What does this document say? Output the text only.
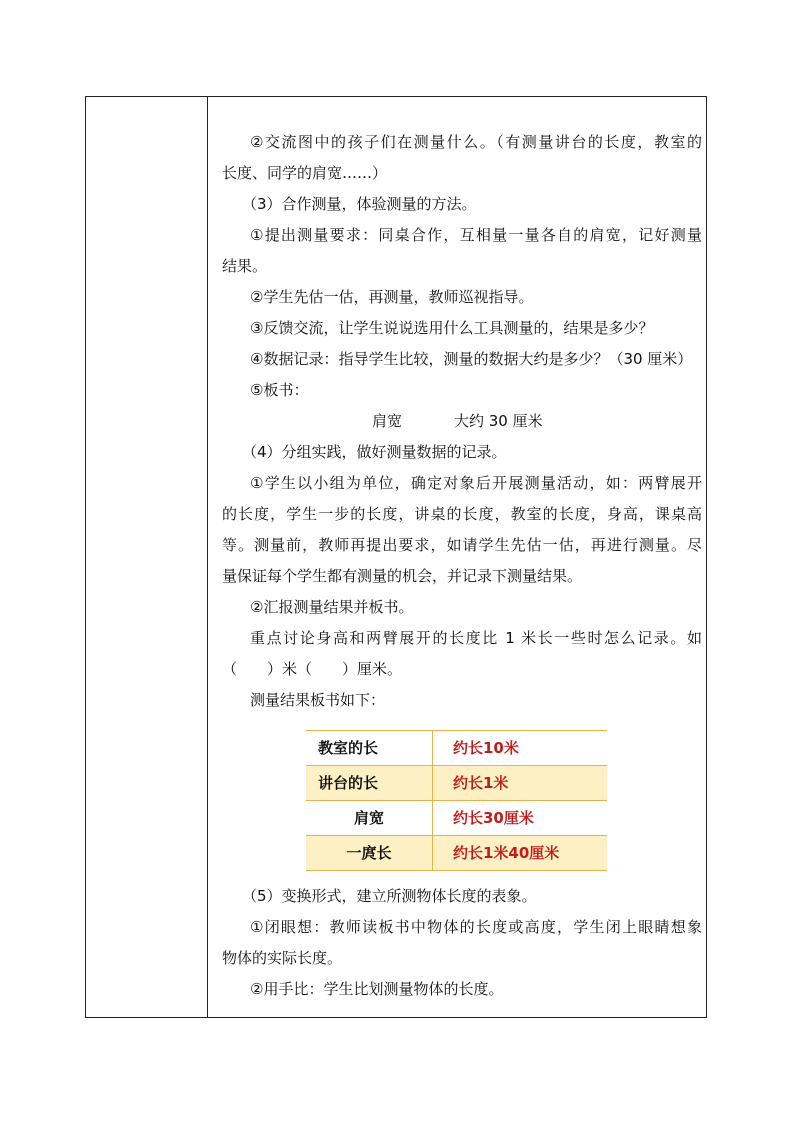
②交流图中的孩子们在测量什么。（有测量讲台的长度，教室的
长度、同学的肩宽……）
（3）合作测量，体验测量的方法。
①提出测量要求：同桌合作，互相量一量各自的肩宽，记好测量
结果。
②学生先估一估，再测量，教师巡视指导。
③反馈交流，让学生说说选用什么工具测量的，结果是多少？
④数据记录：指导学生比较，测量的数据大约是多少？（30 厘米）
⑤板书：
肩宽	大约 30 厘米
（4）分组实践，做好测量数据的记录。
①学生以小组为单位，确定对象后开展测量活动，如：两臂展开
的长度，学生一步的长度，讲桌的长度，教室的长度，身高，课桌高
等。测量前，教师再提出要求，如请学生先估一估，再进行测量。尽
量保证每个学生都有测量的机会，并记录下测量结果。
②汇报测量结果并板书。
重点讨论身高和两臂展开的长度比 1 米长一些时怎么记录。如
（　　）米（　　）厘米。
测量结果板书如下：
教室的长	约长10米
讲台的长	约长1米
肩宽	约长30厘米
一庹长	约长1米40厘米
（5）变换形式，建立所测物体长度的表象。
①闭眼想：教师读板书中物体的长度或高度，学生闭上眼睛想象
物体的实际长度。
②用手比：学生比划测量物体的长度。
